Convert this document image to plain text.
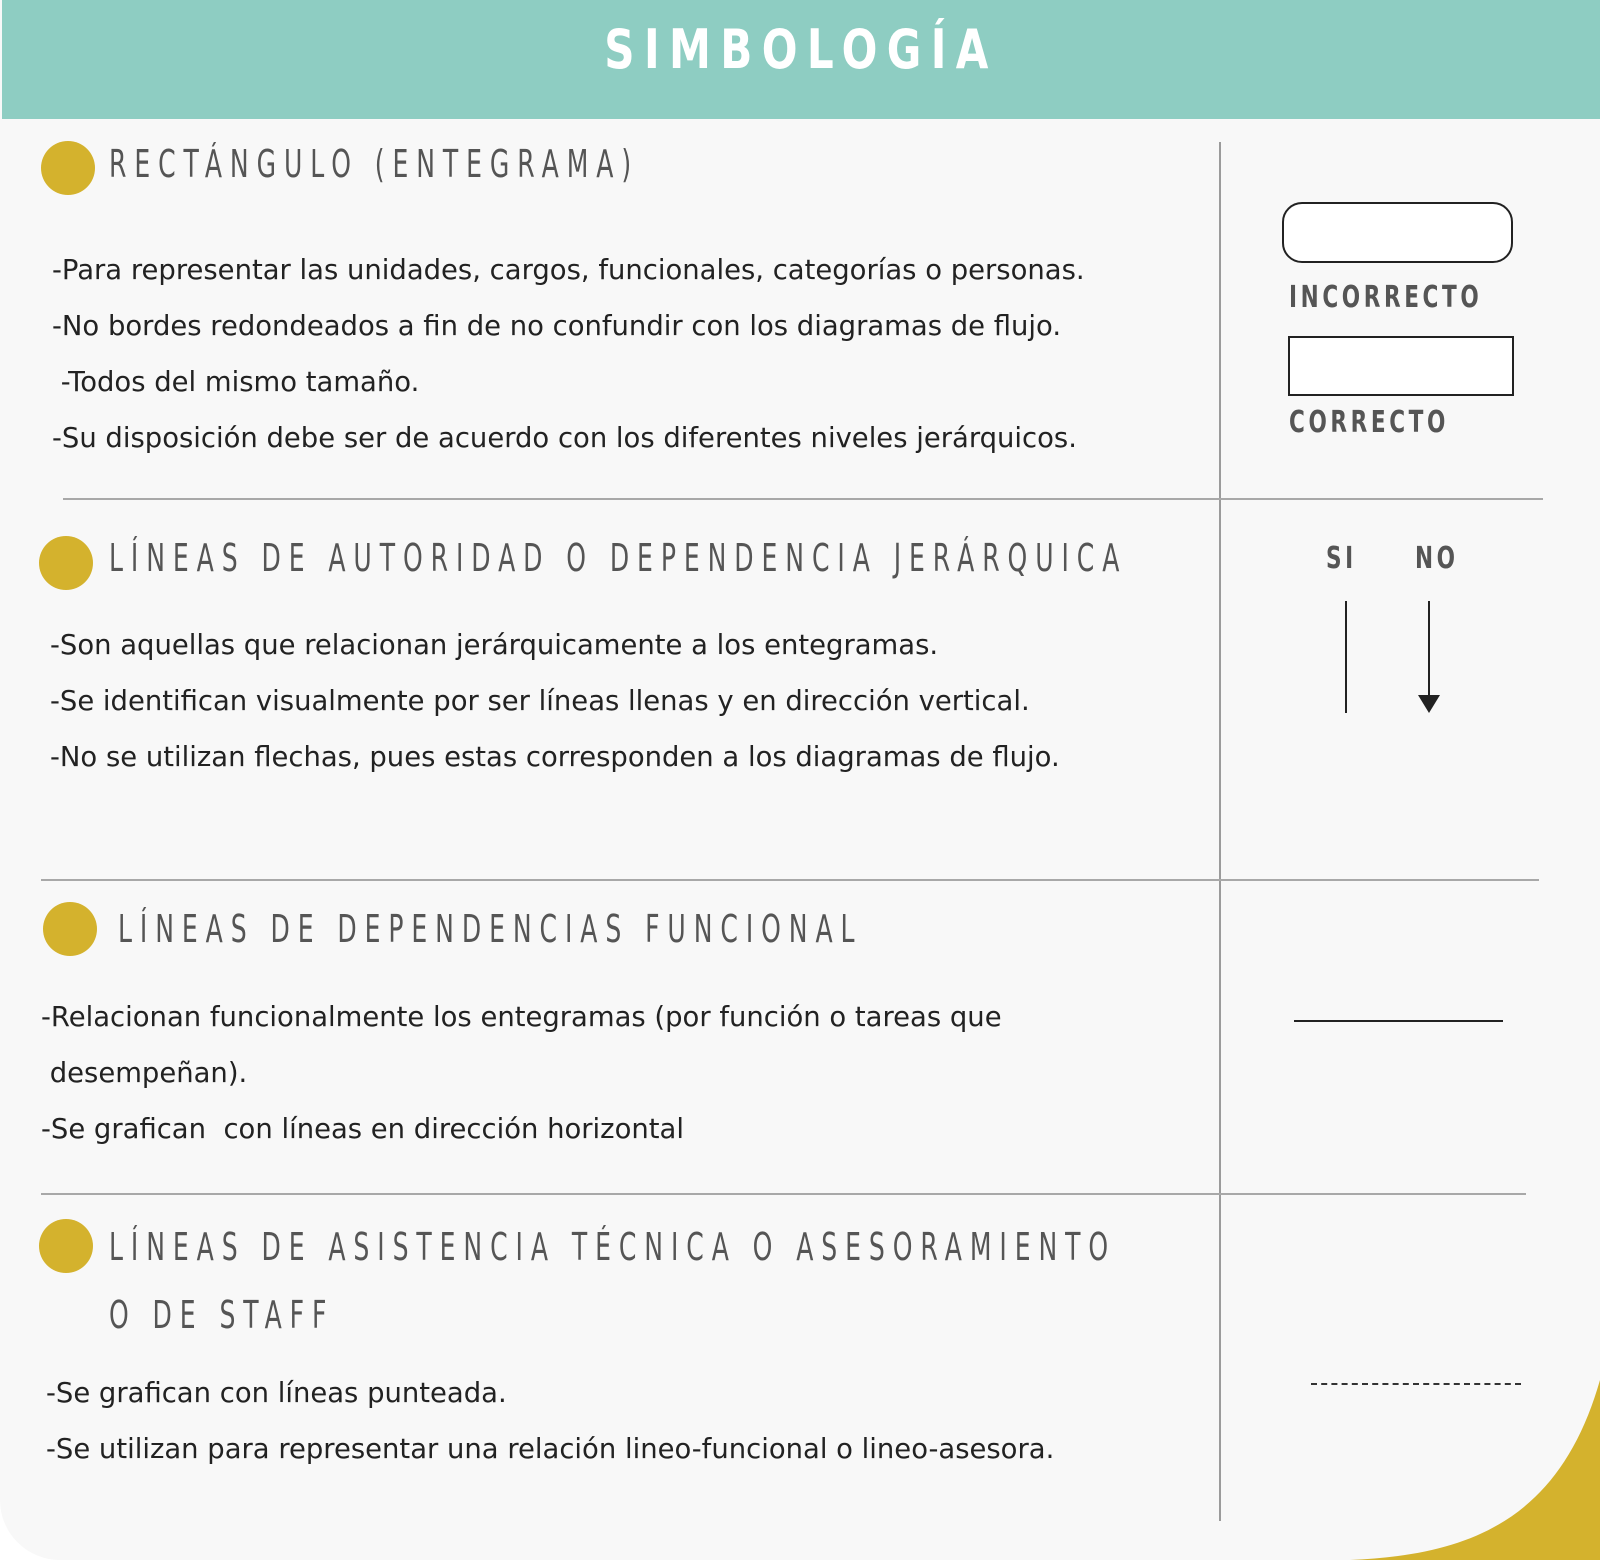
SIMBOLOGÍA
RECTÁNGULO (ENTEGRAMA)
-Para representar las unidades, cargos, funcionales, categorías o personas.
-No bordes redondeados a fin de no confundir con los diagramas de flujo.
-Todos del mismo tamaño.
-Su disposición debe ser de acuerdo con los diferentes niveles jerárquicos.
INCORRECTO
CORRECTO
LÍNEAS DE AUTORIDAD O DEPENDENCIA JERÁRQUICA
-Son aquellas que relacionan jerárquicamente a los entegramas.
-Se identifican visualmente por ser líneas llenas y en dirección vertical.
-No se utilizan flechas, pues estas corresponden a los diagramas de flujo.
SI NO
LÍNEAS DE DEPENDENCIAS FUNCIONAL
-Relacionan funcionalmente los entegramas (por función o tareas que
desempeñan).
-Se grafican  con líneas en dirección horizontal
LÍNEAS DE ASISTENCIA TÉCNICA O ASESORAMIENTO
O DE STAFF
-Se grafican con líneas punteada.
-Se utilizan para representar una relación lineo-funcional o lineo-asesora.
